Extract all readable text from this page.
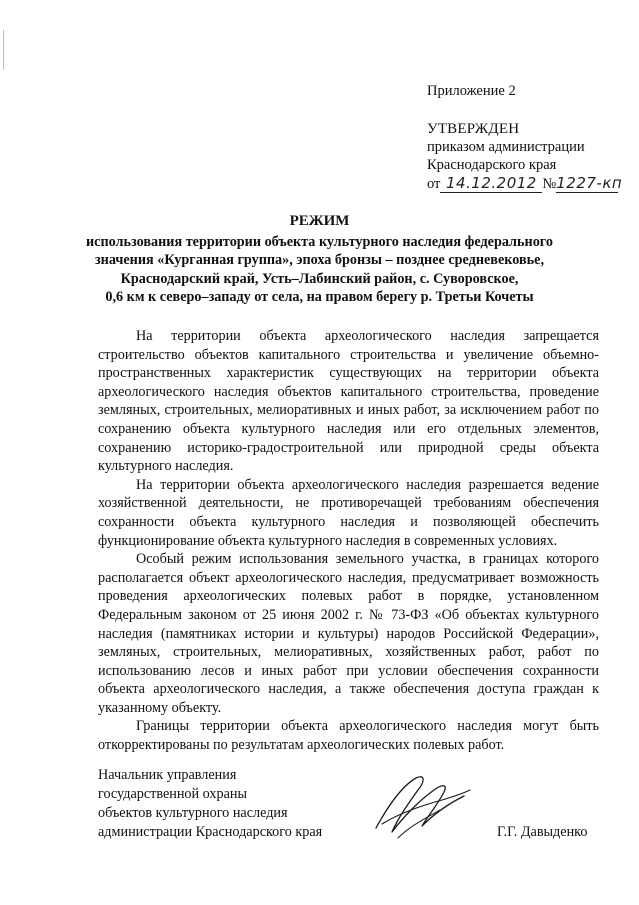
Приложение 2
УТВЕРЖДЕН
приказом администрации
Краснодарского края
от 14.12.2012 №1227-кп
РЕЖИМ
использования территории объекта культурного наследия федерального
значения «Курганная группа», эпоха бронзы – позднее средневековье,
Краснодарский край, Усть–Лабинский район, с. Суворовское,
0,6 км к северо–западу от села, на правом берегу р. Третьи Кочеты

На территории объекта археологического наследия запрещается строительство объектов капитального строительства и увеличение объемно-пространственных характеристик существующих на территории объекта археологического наследия объектов капитального строительства, проведение земляных, строительных, мелиоративных и иных работ, за исключением работ по сохранению объекта культурного наследия или его отдельных элементов, сохранению историко-градостроительной или природной среды объекта культурного наследия.

На территории объекта археологического наследия разрешается ведение хозяйственной деятельности, не противоречащей требованиям обеспечения сохранности объекта культурного наследия и позволяющей обеспечить функционирование объекта культурного наследия в современных условиях.

Особый режим использования земельного участка, в границах которого располагается объект археологического наследия, предусматривает возможность проведения археологических полевых работ в порядке, установленном Федеральным законом от 25 июня 2002 г. № 73-ФЗ «Об объектах культурного наследия (памятниках истории и культуры) народов Российской Федерации», земляных, строительных, мелиоративных, хозяйственных работ, работ по использованию лесов и иных работ при условии обеспечения сохранности объекта археологического наследия, а также обеспечения доступа граждан к указанному объекту.

Границы территории объекта археологического наследия могут быть откорректированы по результатам археологических полевых работ.

Начальник управления
государственной охраны
объектов культурного наследия
администрации Краснодарского края	Г.Г. Давыденко
